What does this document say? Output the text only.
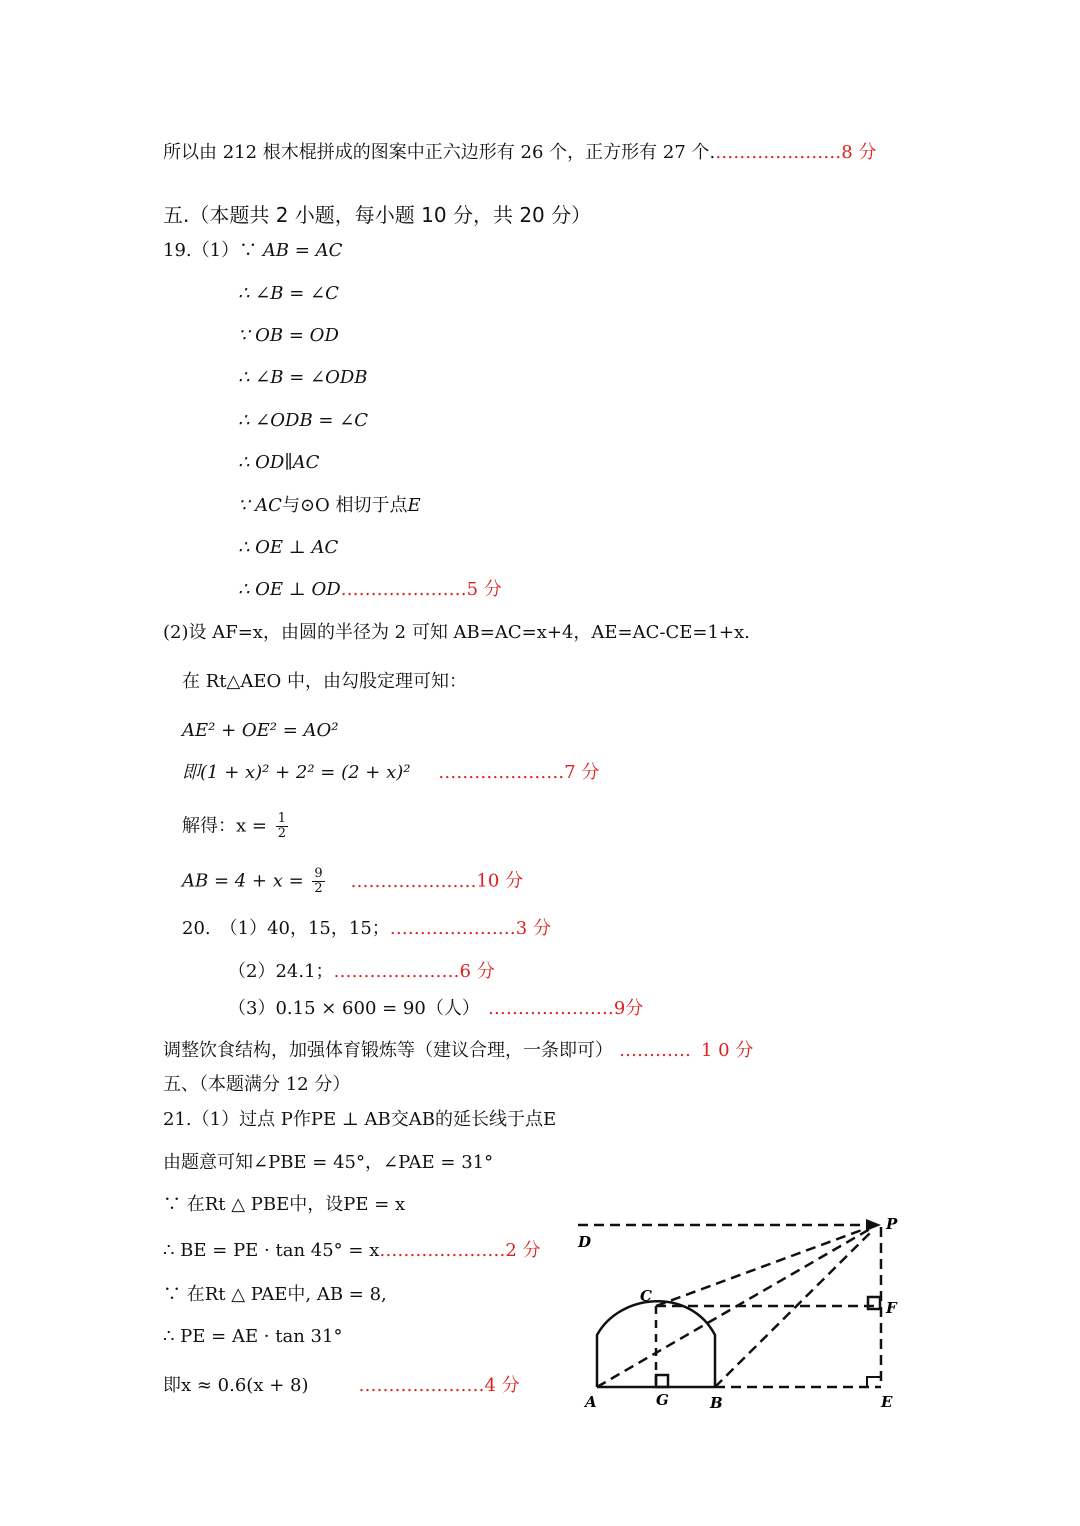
所以由 212 根木棍拼成的图案中正六边形有 26 个，正方形有 27 个.…………………8 分
五.（本题共 2 小题，每小题 10 分，共 20 分）
19.（1）∵ AB = AC
∴ ∠B = ∠C
∵ OB = OD
∴ ∠B = ∠ODB
∴ ∠ODB = ∠C
∴ OD∥AC
∵ AC与⊙O 相切于点E
∴ OE ⊥ AC
∴ OE ⊥ OD…………………5 分
(2)设 AF=x，由圆的半径为 2 可知 AB=AC=x+4，AE=AC-CE=1+x.
在 Rt△AEO 中，由勾股定理可知：
AE² + OE² = AO²
即(1 + x)² + 2² = (2 + x)² …………………7 分
解得：$x = \frac{1}{2}$
AB = $4 + x = \frac{9}{2}$ …………………10 分
20.　（1）40，15，15；…………………3 分
（2）24.1；…………………6 分
（3）0.15 × 600 = 90（人） …………………9分
调整饮食结构，加强体育锻炼等（建议合理，一条即可） ………… 1 0 分
五、（本题满分 12 分）
21.（1）过点 P作PE ⊥ AB交AB的延长线于点E
由题意可知∠PBE = 45°，∠PAE = 31°
∵ 在Rt △ PBE中，设PE = x
∴ BE = PE · tan 45° = x…………………2 分
∵ 在Rt △ PAE中, AB = 8,
∴ PE = AE · tan 31°
即x ≈ 0.6(x + 8)	…………………4 分
D
P
C
F
A	G	B	E
